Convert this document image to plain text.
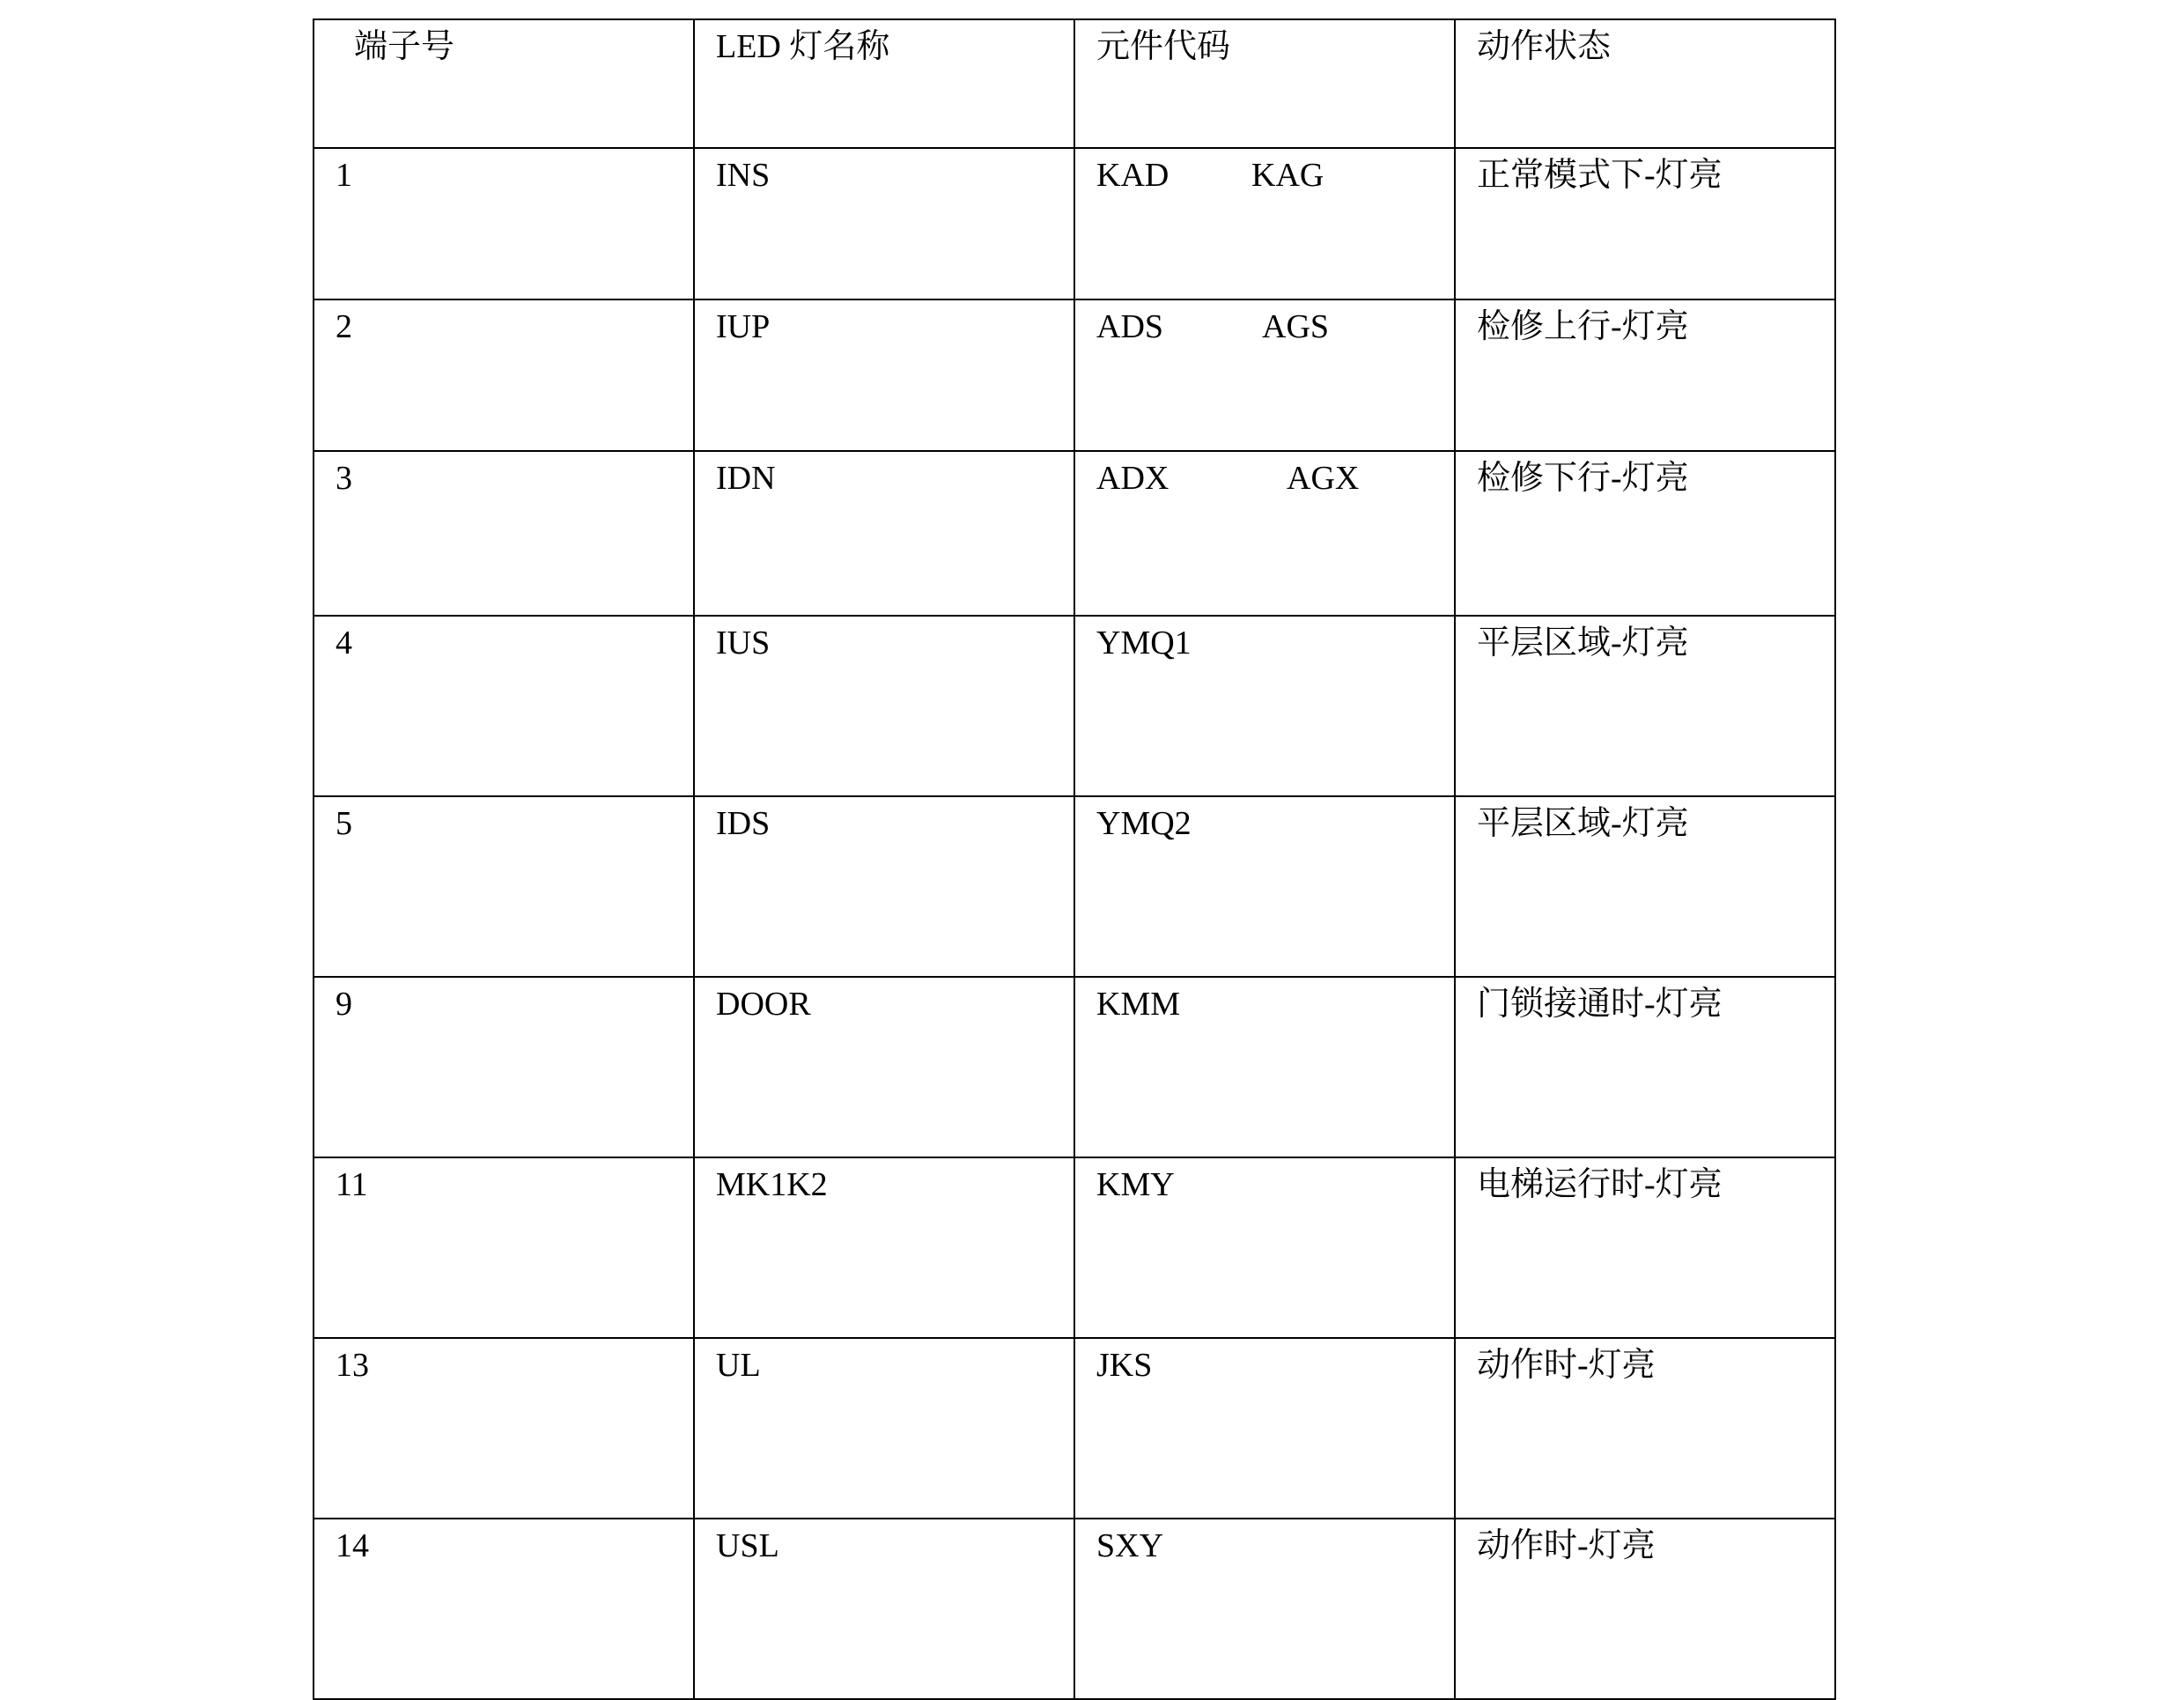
端子号	LED 灯名称	元件代码	动作状态
1	INS	KAD KAG	正常模式下-灯亮
2	IUP	ADS AGS	检修上行-灯亮
3	IDN	ADX AGX	检修下行-灯亮
4	IUS	YMQ1	平层区域-灯亮
5	IDS	YMQ2	平层区域-灯亮
9	DOOR	KMM	门锁接通时-灯亮
11	MK1K2	KMY	电梯运行时-灯亮
13	UL	JKS	动作时-灯亮
14	USL	SXY	动作时-灯亮
